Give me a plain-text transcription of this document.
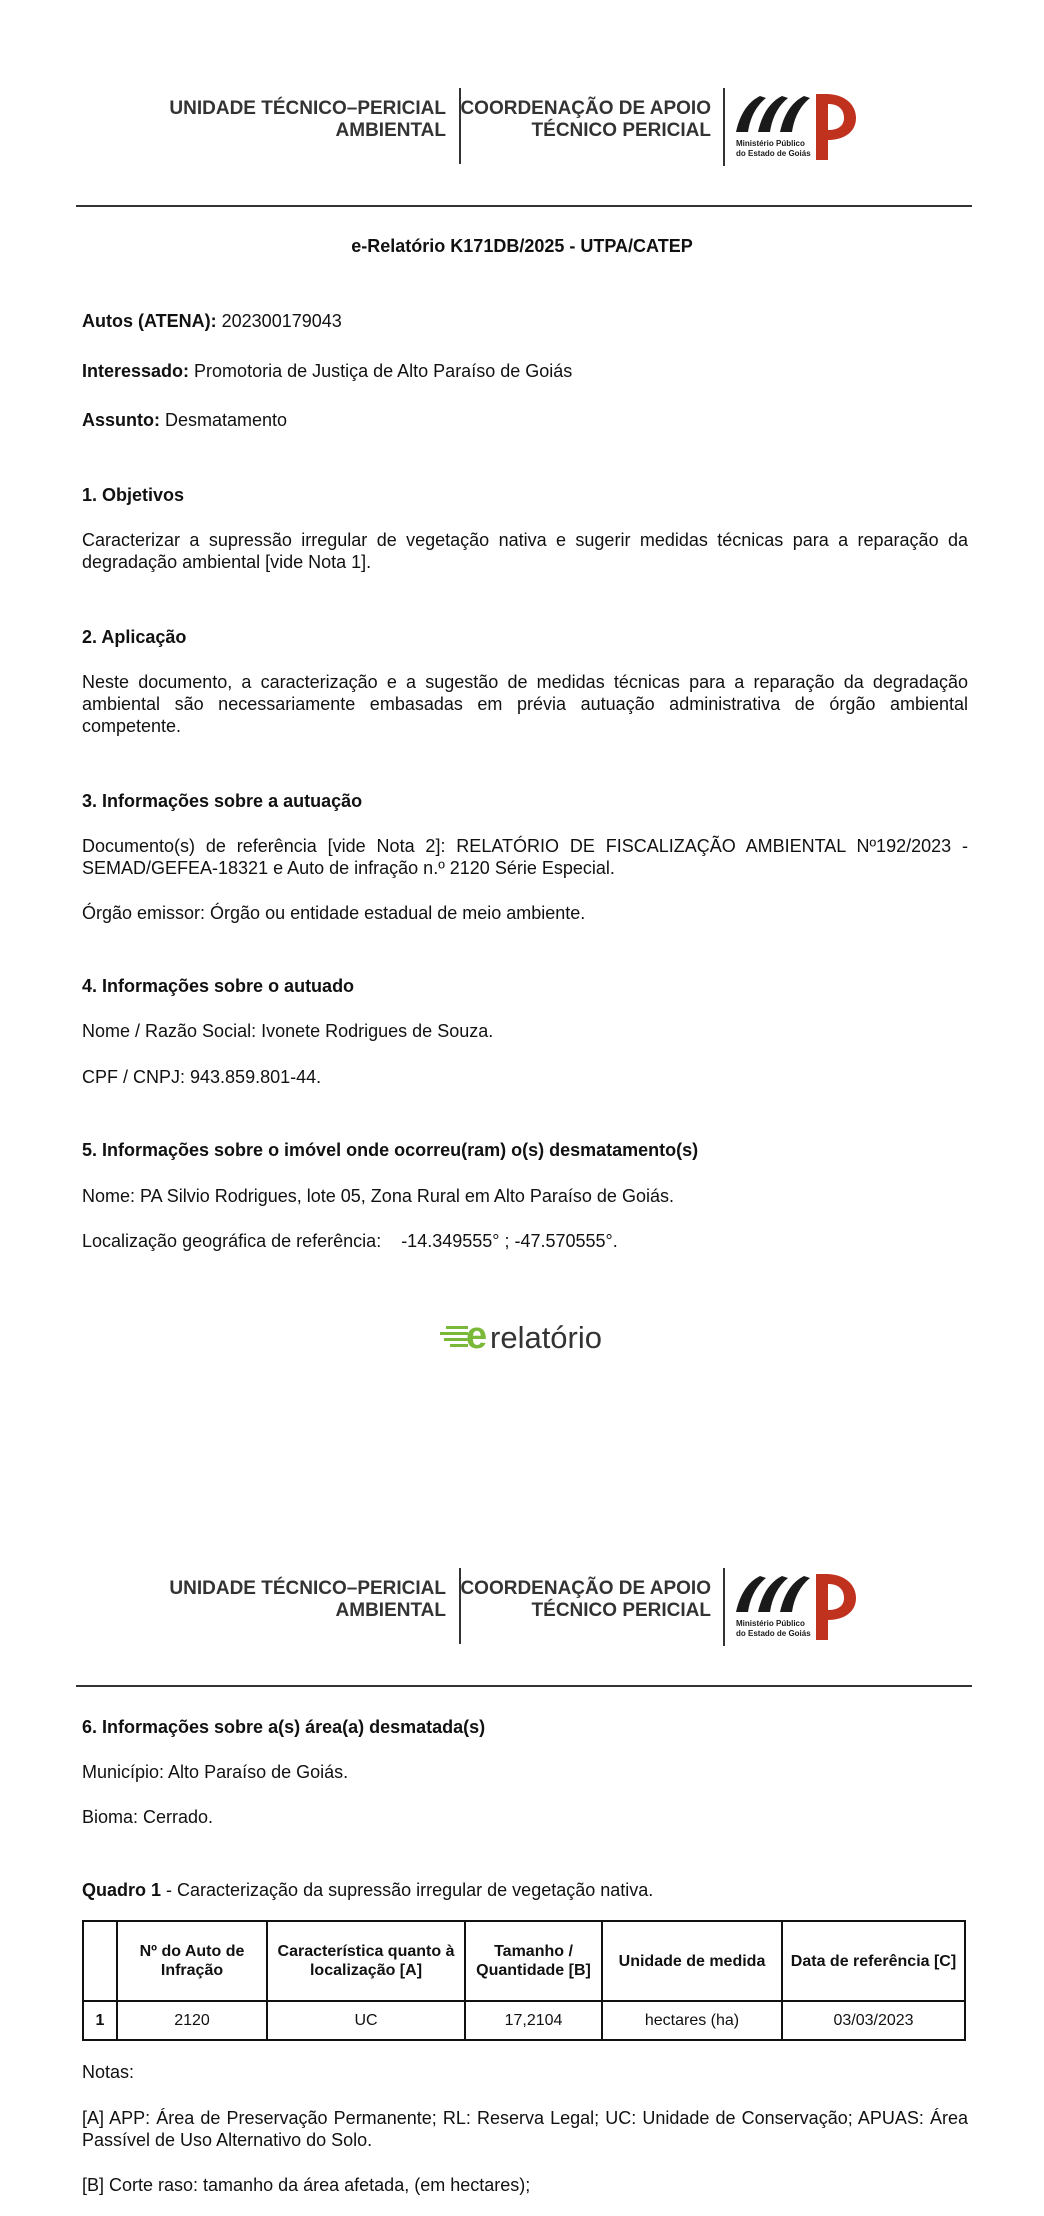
UNIDADE TÉCNICO–PERICIAL
AMBIENTAL
COORDENAÇÃO DE APOIO
TÉCNICO PERICIAL
Ministério Público
do Estado de Goiás
e-Relatório K171DB/2025 - UTPA/CATEP
Autos (ATENA): 202300179043
Interessado: Promotoria de Justiça de Alto Paraíso de Goiás
Assunto: Desmatamento
1. Objetivos
Caracterizar a supressão irregular de vegetação nativa e sugerir medidas técnicas para a reparação da degradação ambiental [vide Nota 1].
2. Aplicação
Neste documento, a caracterização e a sugestão de medidas técnicas para a reparação da degradação ambiental são necessariamente embasadas em prévia autuação administrativa de órgão ambiental competente.
3. Informações sobre a autuação
Documento(s) de referência [vide Nota 2]: RELATÓRIO DE FISCALIZAÇÃO AMBIENTAL Nº192/2023 - SEMAD/GEFEA-18321 e Auto de infração n.º 2120 Série Especial.
Órgão emissor: Órgão ou entidade estadual de meio ambiente.
4. Informações sobre o autuado
Nome / Razão Social: Ivonete Rodrigues de Souza.
CPF / CNPJ: 943.859.801-44.
5. Informações sobre o imóvel onde ocorreu(ram) o(s) desmatamento(s)
Nome: PA Silvio Rodrigues, lote 05, Zona Rural em Alto Paraíso de Goiás.
Localização geográfica de referência:    -14.349555° ; -47.570555°.
e relatório
UNIDADE TÉCNICO–PERICIAL
AMBIENTAL
COORDENAÇÃO DE APOIO
TÉCNICO PERICIAL
Ministério Público
do Estado de Goiás
6. Informações sobre a(s) área(a) desmatada(s)
Município: Alto Paraíso de Goiás.
Bioma: Cerrado.
Quadro 1 - Caracterização da supressão irregular de vegetação nativa.
	Nº do Auto de Infração	Característica quanto à localização [A]	Tamanho / Quantidade [B]	Unidade de medida	Data de referência [C]
1	2120	UC	17,2104	hectares (ha)	03/03/2023
Notas:
[A] APP: Área de Preservação Permanente; RL: Reserva Legal; UC: Unidade de Conservação; APUAS: Área Passível de Uso Alternativo do Solo.
[B] Corte raso: tamanho da área afetada, (em hectares);
